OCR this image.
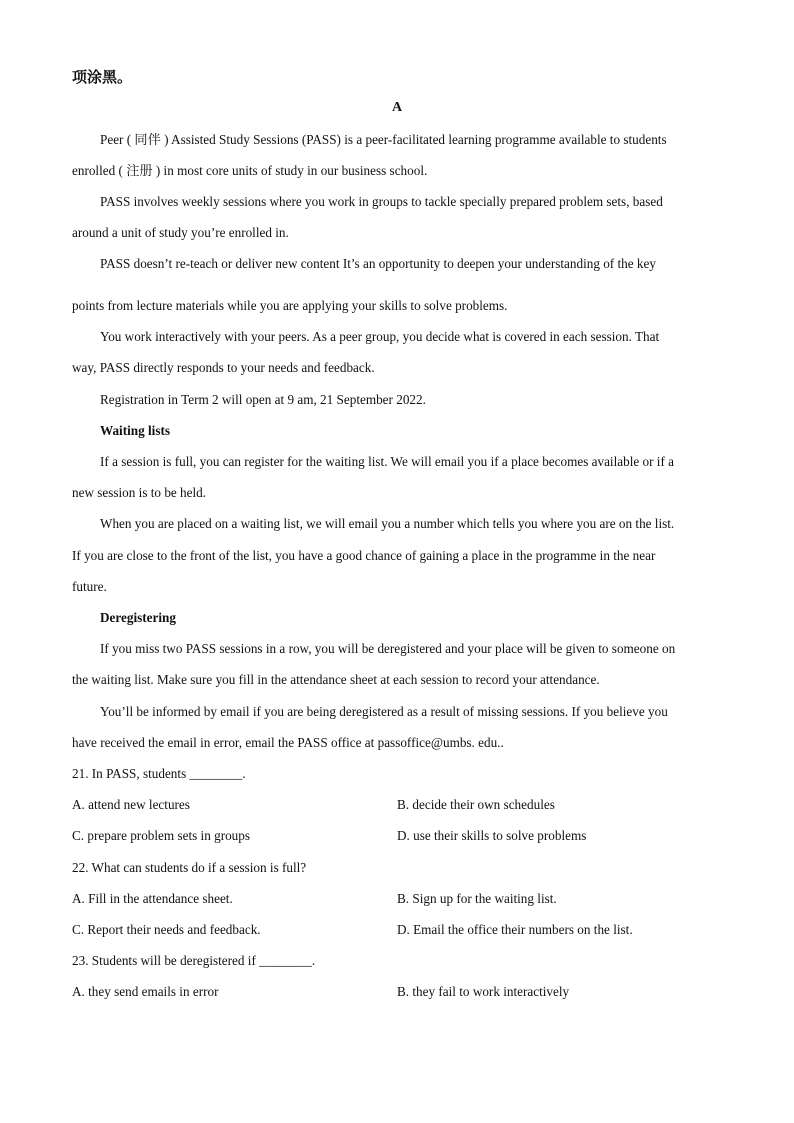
项涂黑。
A
Peer ( 同伴 ) Assisted Study Sessions (PASS) is a peer-facilitated learning programme available to students
enrolled ( 注册 ) in most core units of study in our business school.
PASS involves weekly sessions where you work in groups to tackle specially prepared problem sets, based
around a unit of study you’re enrolled in.
PASS doesn’t re-teach or deliver new content It’s an opportunity to deepen your understanding of the key
points from lecture materials while you are applying your skills to solve problems.
You work interactively with your peers. As a peer group, you decide what is covered in each session. That
way, PASS directly responds to your needs and feedback.
Registration in Term 2 will open at 9 am, 21 September 2022.
Waiting lists
If a session is full, you can register for the waiting list. We will email you if a place becomes available or if a
new session is to be held.
When you are placed on a waiting list, we will email you a number which tells you where you are on the list.
If you are close to the front of the list, you have a good chance of gaining a place in the programme in the near
future.
Deregistering
If you miss two PASS sessions in a row, you will be deregistered and your place will be given to someone on
the waiting list. Make sure you fill in the attendance sheet at each session to record your attendance.
You’ll be informed by email if you are being deregistered as a result of missing sessions. If you believe you
have received the email in error, email the PASS office at passoffice@umbs. edu..
21. In PASS, students ________.
A. attend new lectures	B. decide their own schedules
C. prepare problem sets in groups	D. use their skills to solve problems
22. What can students do if a session is full?
A. Fill in the attendance sheet.	B. Sign up for the waiting list.
C. Report their needs and feedback.	D. Email the office their numbers on the list.
23. Students will be deregistered if ________.
A. they send emails in error	B. they fail to work interactively
